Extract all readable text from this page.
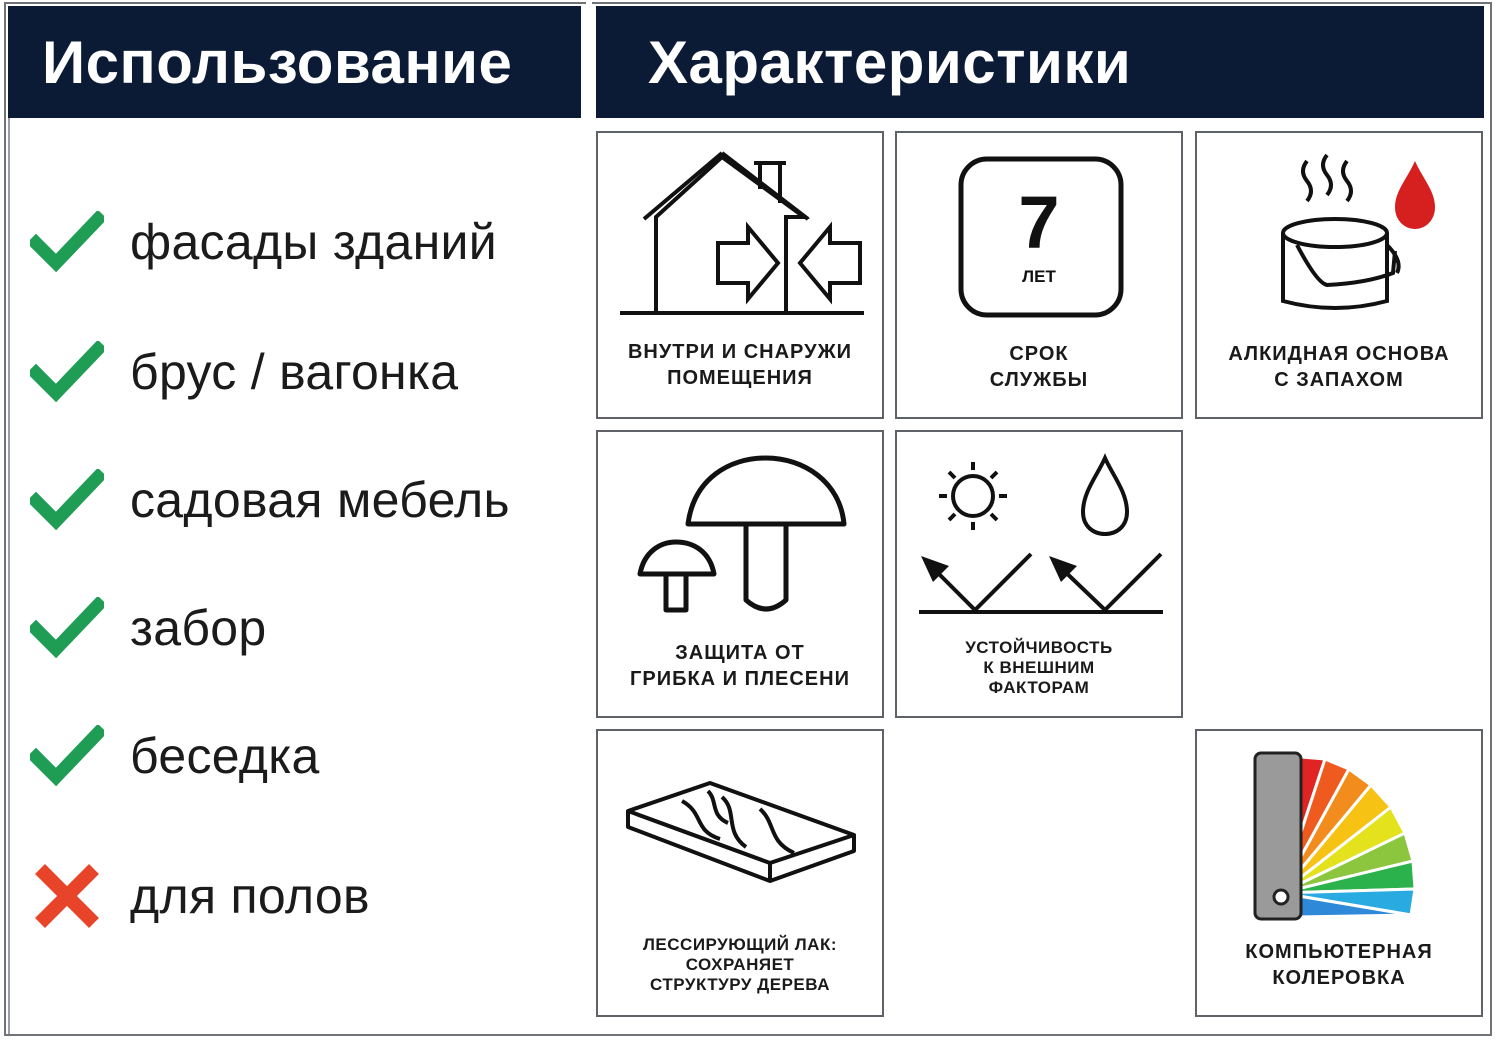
Использование Характеристики
фасады зданий
брус / вагонка
садовая мебель
забор
беседка
для полов
ВНУТРИ И СНАРУЖИ
ПОМЕЩЕНИЯ
7
ЛЕТ
СРОК
СЛУЖБЫ
АЛКИДНАЯ ОСНОВА
С ЗАПАХОМ
ЗАЩИТА ОТ
ГРИБКА И ПЛЕСЕНИ
УСТОЙЧИВОСТЬ
К ВНЕШНИМ
ФАКТОРАМ
ЛЕССИРУЮЩИЙ ЛАК:
СОХРАНЯЕТ
СТРУКТУРУ ДЕРЕВА
КОМПЬЮТЕРНАЯ
КОЛЕРОВКА
